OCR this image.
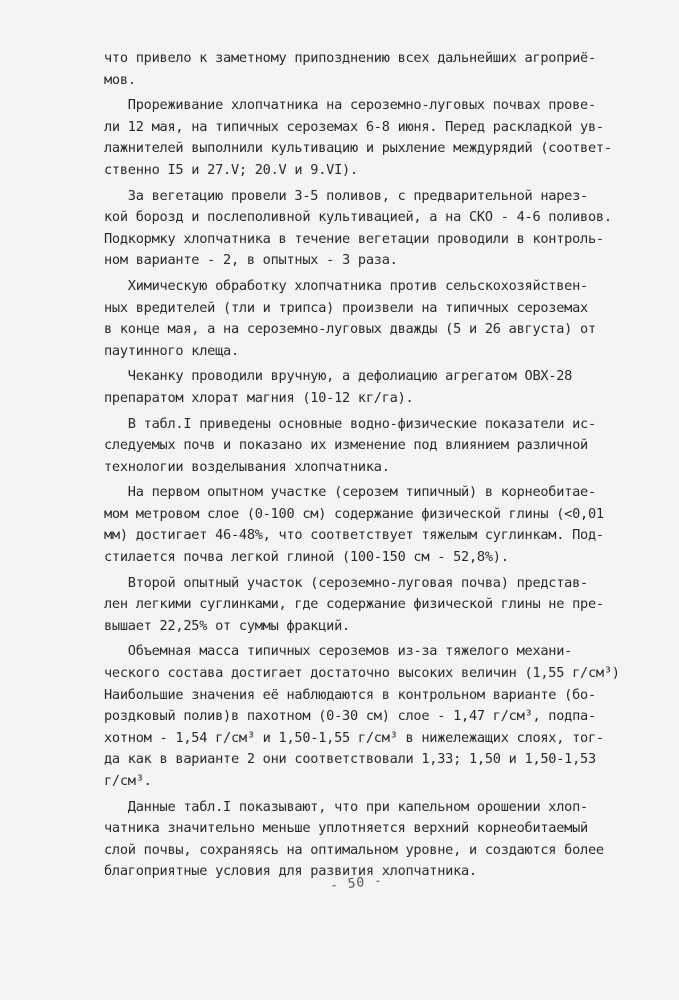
что привело к заметному припозднению всех дальнейших агроприё-
мов.
Прореживание хлопчатника на сероземно-луговых почвах прове-
ли 12 мая, на типичных сероземах 6-8 июня. Перед раскладкой ув-
лажнителей выполнили культивацию и рыхление междурядий (соответ-
ственно I5 и 27.V; 20.V и 9.VI).
За вегетацию провели 3-5 поливов, с предварительной нарез-
кой борозд и послеполивной культивацией, а на СКО - 4-6 поливов.
Подкормку хлопчатника в течение вегетации проводили в контроль-
ном варианте - 2, в опытных - 3 раза.
Химическую обработку хлопчатника против сельскохозяйствен-
ных вредителей (тли и трипса) произвели на типичных сероземах
в конце мая, а на сероземно-луговых дважды (5 и 26 августа) от
паутинного клеща.
Чеканку проводили вручную, а дефолиацию агрегатом ОВХ-28
препаратом хлорат магния (10-12 кг/га).
В табл.I приведены основные водно-физические показатели ис-
следуемых почв и показано их изменение под влиянием различной
технологии возделывания хлопчатника.
На первом опытном участке (серозем типичный) в корнеобитае-
мом метровом слое (0-100 см) содержание физической глины (<0,01
мм) достигает 46-48%, что соответствует тяжелым суглинкам. Под-
стилается почва легкой глиной (100-150 см - 52,8%).
Второй опытный участок (сероземно-луговая почва) представ-
лен легкими суглинками, где содержание физической глины не пре-
вышает 22,25% от суммы фракций.
Объемная масса типичных сероземов из-за тяжелого механи-
ческого состава достигает достаточно высоких величин (1,55 г/см³)
Наибольшие значения её наблюдаются в контрольном варианте (бо-
роздковый полив)в пахотном (0-30 см) слое - 1,47 г/см³, подпа-
хотном - 1,54 г/см³ и 1,50-1,55 г/см³ в нижележащих слоях, тог-
да как в варианте 2 они соответствовали 1,33; 1,50 и 1,50-1,53
г/см³.
Данные табл.I показывают, что при капельном орошении хлоп-
чатника значительно меньше уплотняется верхний корнеобитаемый
слой почвы, сохраняясь на оптимальном уровне, и создаются более
благоприятные условия для развития хлопчатника.
- 50 -
